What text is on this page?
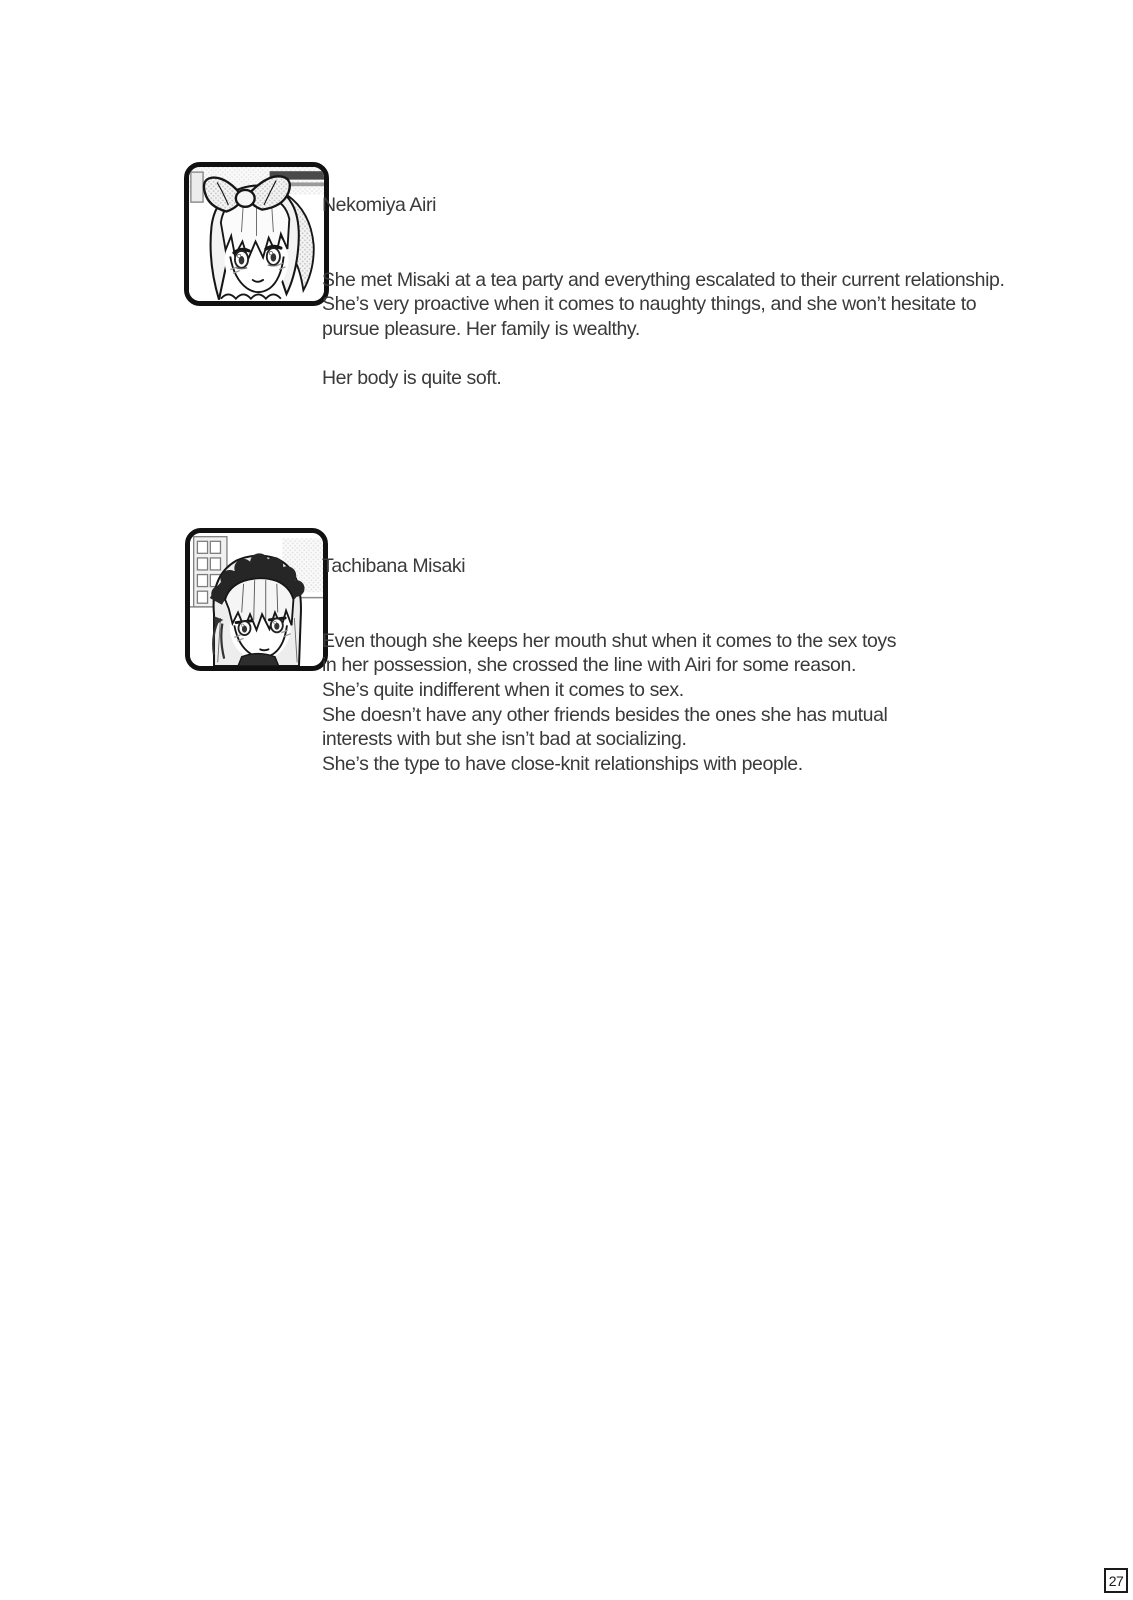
Nekomiya Airi

She met Misaki at a tea party and everything escalated to their current relationship.
She’s very proactive when it comes to naughty things, and she won’t hesitate to
pursue pleasure. Her family is wealthy.
Her body is quite soft.

Tachibana Misaki

Even though she keeps her mouth shut when it comes to the sex toys
in her possession, she crossed the line with Airi for some reason.
She’s quite indifferent when it comes to sex.
She doesn’t have any other friends besides the ones she has mutual
interests with but she isn’t bad at socializing.
She’s the type to have close-knit relationships with people.

27
